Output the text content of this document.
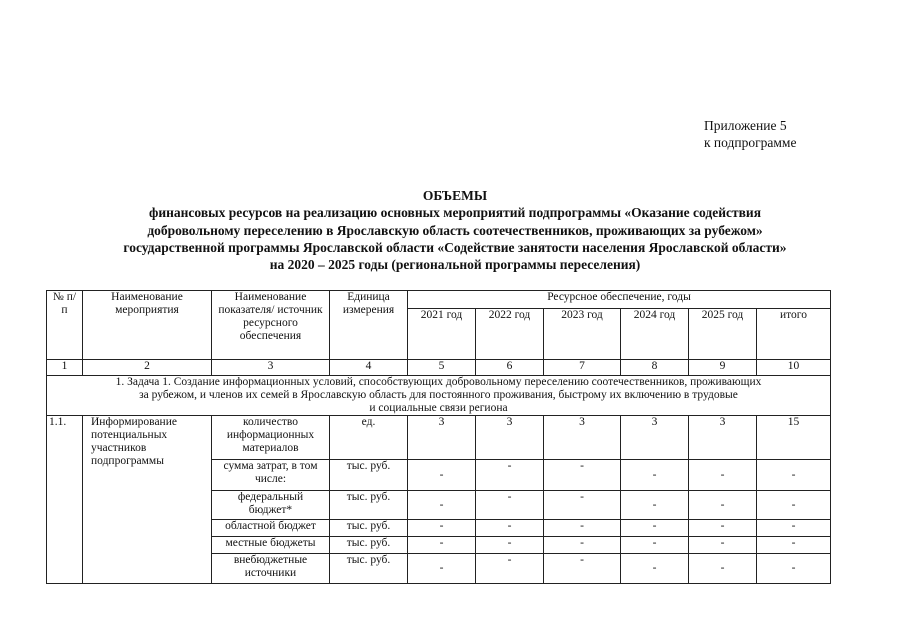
Приложение 5
к подпрограмме
ОБЪЕМЫ
финансовых ресурсов на реализацию основных мероприятий подпрограммы «Оказание содействия
добровольному переселению в Ярославскую область соотечественников, проживающих за рубежом»
государственной программы Ярославской области «Содействие занятости населения Ярославской области»
на 2020 – 2025 годы (региональной программы переселения)
№ п/п	Наименование мероприятия	Наименование показателя/ источник ресурсного обеспечения	Единица измерения	Ресурсное обеспечение, годы					
				2021 год	2022 год	2023 год	2024 год	2025 год	итого
1	2	3	4	5	6	7	8	9	10

1. Задача 1. Создание информационных условий, способствующих добровольному переселению соотечественников, проживающих
за рубежом, и членов их семей в Ярославскую область для постоянного проживания, быстрому их включению в трудовые
и социальные связи региона									

1.1.	Информирование потенциальных участников подпрограммы	количество информационных материалов	ед.	3	3	3	3	3	15
		сумма затрат, в том числе:	тыс. руб.	-	-	-	-	-	-
		федеральный бюджет*	тыс. руб.	-	-	-	-	-	-
		областной бюджет	тыс. руб.	-	-	-	-	-	-
		местные бюджеты	тыс. руб.	-	-	-	-	-	-
		внебюджетные источники	тыс. руб.	-	-	-	-	-	-
